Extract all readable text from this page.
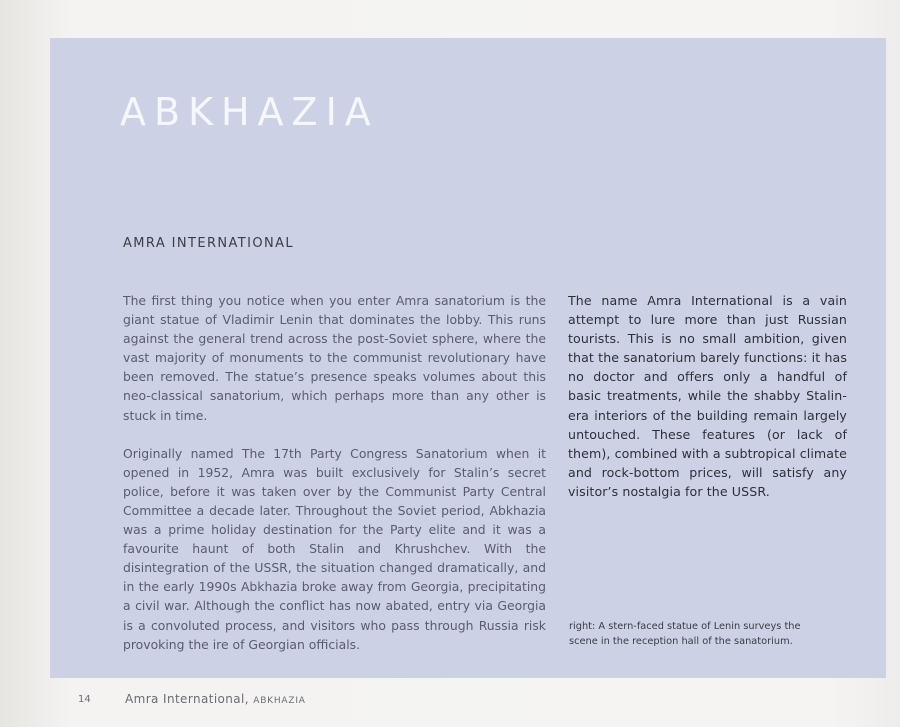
ABKHAZIA
AMRA INTERNATIONAL

The first thing you notice when you enter Amra sanatorium is the giant statue of Vladimir Lenin that dominates the lobby. This runs against the general trend across the post-Soviet sphere, where the vast majority of monuments to the communist revolutionary have been removed. The statue’s presence speaks volumes about this neo-classical sanatorium, which perhaps more than any other is stuck in time.

Originally named The 17th Party Congress Sanatorium when it opened in 1952, Amra was built exclusively for Stalin’s secret police, before it was taken over by the Communist Party Central Committee a decade later. Throughout the Soviet period, Abkhazia was a prime holiday destination for the Party elite and it was a favourite haunt of both Stalin and Khrushchev. With the disintegration of the USSR, the situation changed dramatically, and in the early 1990s Abkhazia broke away from Georgia, precipitating a civil war. Although the conflict has now abated, entry via Georgia is a convoluted process, and visitors who pass through Russia risk provoking the ire of Georgian officials.

The name Amra International is a vain attempt to lure more than just Russian tourists. This is no small ambition, given that the sanatorium barely functions: it has no doctor and offers only a handful of basic treatments, while the shabby Stalin-era interiors of the building remain largely untouched. These features (or lack of them), combined with a subtropical climate and rock-bottom prices, will satisfy any visitor’s nostalgia for the USSR.

right: A stern-faced statue of Lenin surveys the scene in the reception hall of the sanatorium.
14	Amra International, ABKHAZIA
